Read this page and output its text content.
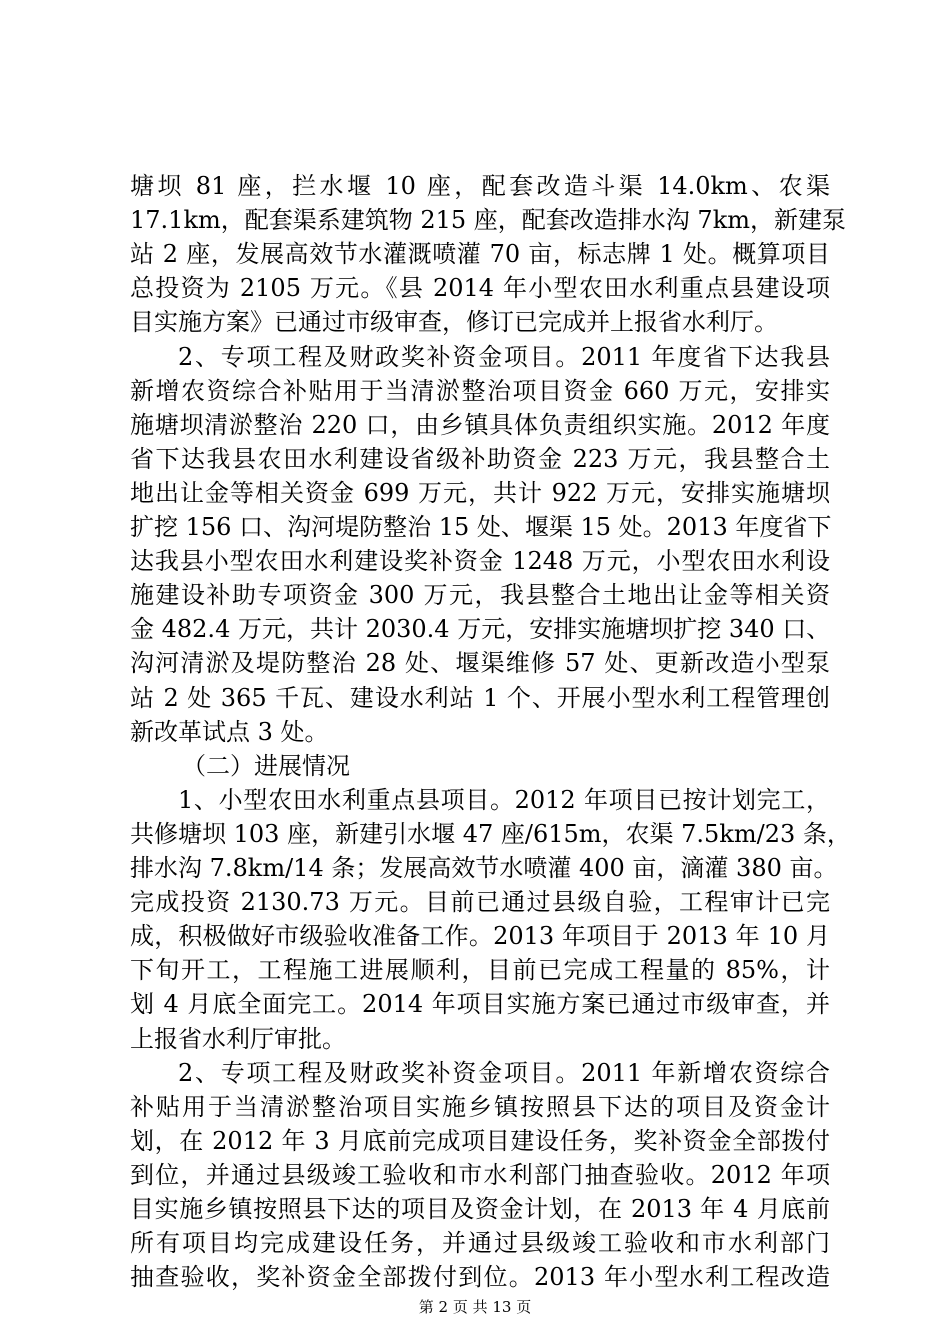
塘坝 81 座，拦水堰 10 座，配套改造斗渠 14.0km、农渠
17.1km，配套渠系建筑物 215 座，配套改造排水沟 7km，新建泵
站 2 座，发展高效节水灌溉喷灌 70 亩，标志牌 1 处。概算项目
总投资为 2105 万元。《县 2014 年小型农田水利重点县建设项
目实施方案》已通过市级审查，修订已完成并上报省水利厅。
2、专项工程及财政奖补资金项目。2011 年度省下达我县
新增农资综合补贴用于当清淤整治项目资金 660 万元，安排实
施塘坝清淤整治 220 口，由乡镇具体负责组织实施。2012 年度
省下达我县农田水利建设省级补助资金 223 万元，我县整合土
地出让金等相关资金 699 万元，共计 922 万元，安排实施塘坝
扩挖 156 口、沟河堤防整治 15 处、堰渠 15 处。2013 年度省下
达我县小型农田水利建设奖补资金 1248 万元，小型农田水利设
施建设补助专项资金 300 万元，我县整合土地出让金等相关资
金 482.4 万元，共计 2030.4 万元，安排实施塘坝扩挖 340 口、
沟河清淤及堤防整治 28 处、堰渠维修 57 处、更新改造小型泵
站 2 处 365 千瓦、建设水利站 1 个、开展小型水利工程管理创
新改革试点 3 处。
（二）进展情况
1、小型农田水利重点县项目。2012 年项目已按计划完工，
共修塘坝 103 座，新建引水堰 47 座/615m，农渠 7.5km/23 条，
排水沟 7.8km/14 条；发展高效节水喷灌 400 亩，滴灌 380 亩。
完成投资 2130.73 万元。目前已通过县级自验，工程审计已完
成，积极做好市级验收准备工作。2013 年项目于 2013 年 10 月
下旬开工，工程施工进展顺利，目前已完成工程量的 85%，计
划 4 月底全面完工。2014 年项目实施方案已通过市级审查，并
上报省水利厅审批。
2、专项工程及财政奖补资金项目。2011 年新增农资综合
补贴用于当清淤整治项目实施乡镇按照县下达的项目及资金计
划，在 2012 年 3 月底前完成项目建设任务，奖补资金全部拨付
到位，并通过县级竣工验收和市水利部门抽查验收。2012 年项
目实施乡镇按照县下达的项目及资金计划，在 2013 年 4 月底前
所有项目均完成建设任务，并通过县级竣工验收和市水利部门
抽查验收，奖补资金全部拨付到位。2013 年小型水利工程改造
第 2 页 共 13 页
